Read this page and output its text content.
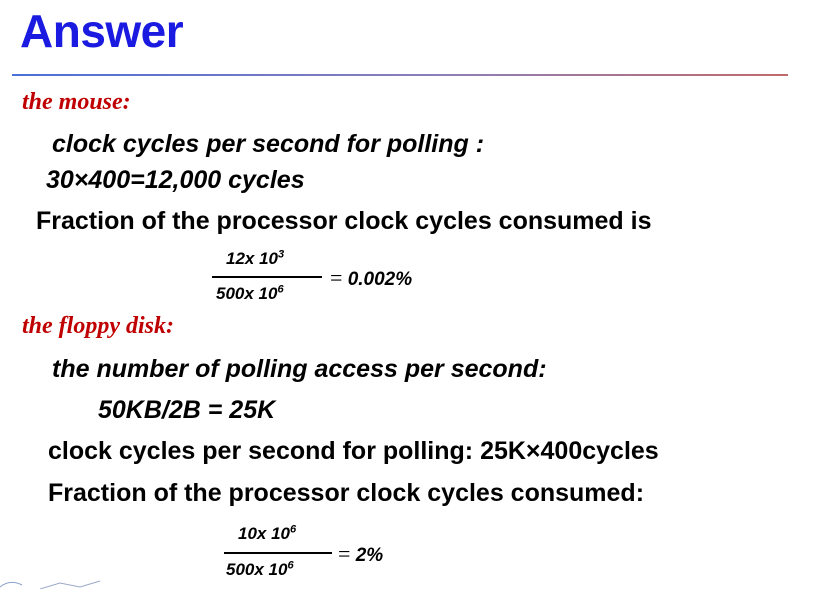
Answer
the mouse:
clock cycles per second for polling :
30×400=12,000 cycles
Fraction of the processor clock cycles consumed is
12x $10^3$
500x $10^6 = 0.002\%$
the floppy disk:
the number of polling access per second:
50KB/2B = 25K
clock cycles per second for polling: 25K×400cycles
Fraction of the processor clock cycles consumed:
10x $10^6$
500x $10^6 = 2\%$
